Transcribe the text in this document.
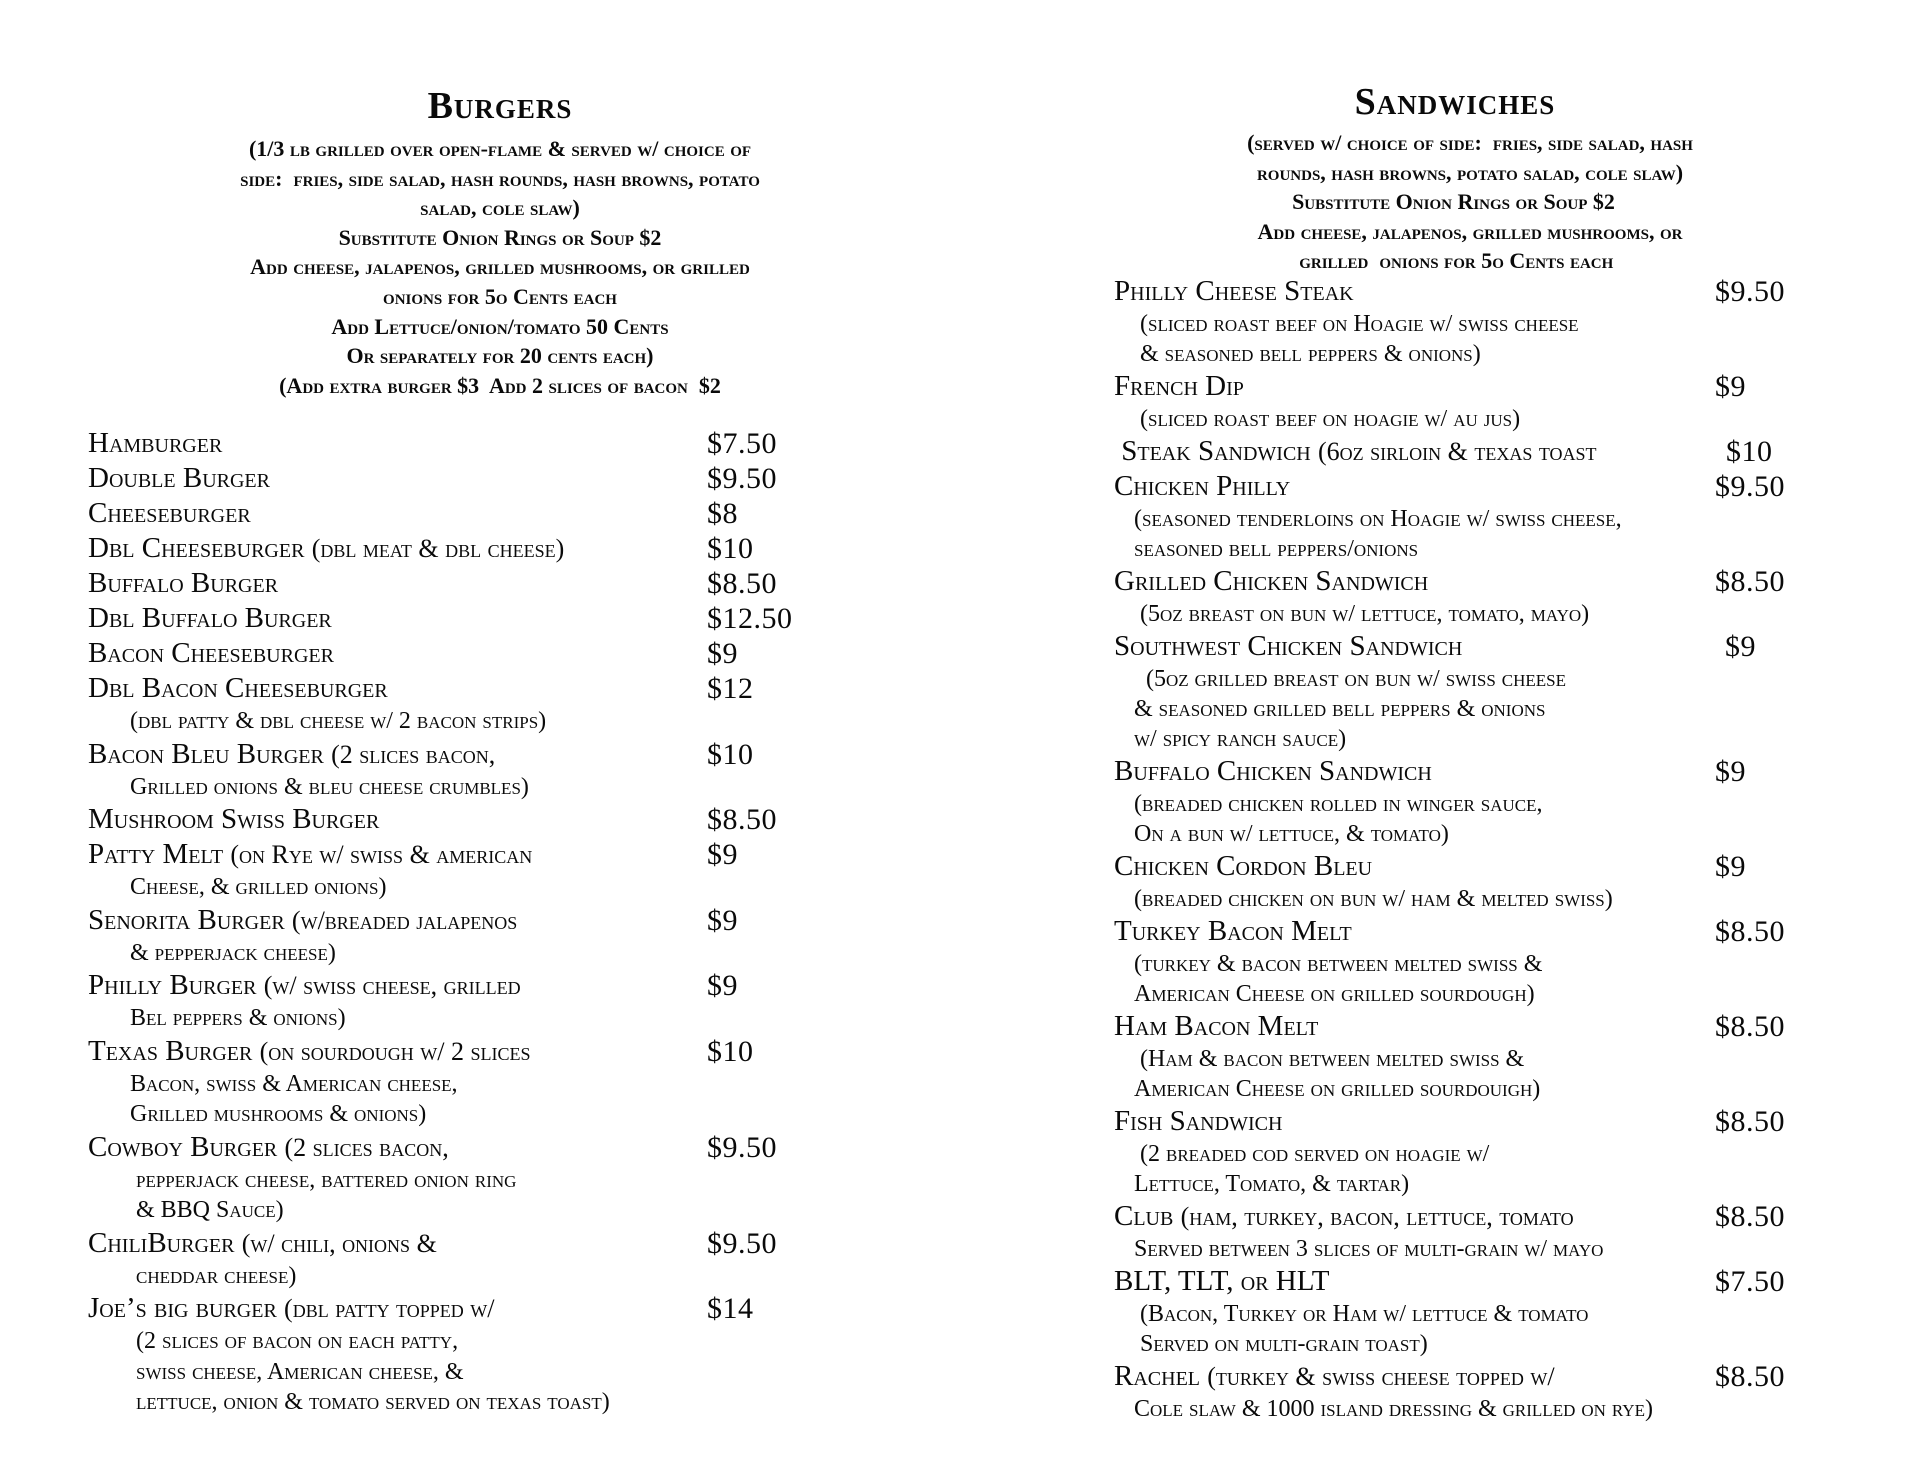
Burgers
(1/3 lb grilled over open-flame & served w/ choice of
side:  fries, side salad, hash rounds, hash browns, potato
salad, cole slaw)
Substitute Onion Rings or Soup $2
Add cheese, jalapenos, grilled mushrooms, or grilled
onions for 5o Cents each
Add Lettuce/onion/tomato 50 Cents
Or separately for 20 cents each)
(Add extra burger $3  Add 2 slices of bacon  $2
Hamburger	$7.50
Double Burger	$9.50
Cheeseburger	$8
Dbl Cheeseburger (dbl meat & dbl cheese)	$10
Buffalo Burger	$8.50
Dbl Buffalo Burger	$12.50
Bacon Cheeseburger	$9
Dbl Bacon Cheeseburger	$12
(dbl patty & dbl cheese w/ 2 bacon strips)
Bacon Bleu Burger (2 slices bacon,	$10
Grilled onions & bleu cheese crumbles)
Mushroom Swiss Burger	$8.50
Patty Melt (on Rye w/ swiss & american	$9
Cheese, & grilled onions)
Senorita Burger (w/breaded jalapenos	$9
& pepperjack cheese)
Philly Burger (w/ swiss cheese, grilled	$9
Bel peppers & onions)
Texas Burger (on sourdough w/ 2 slices	$10
Bacon, swiss & American cheese,
Grilled mushrooms & onions)
Cowboy Burger (2 slices bacon,	$9.50
pepperjack cheese, battered onion ring
& BBQ Sauce)
ChiliBurger (w/ chili, onions &	$9.50
cheddar cheese)
Joe’s big burger (dbl patty topped w/	$14
(2 slices of bacon on each patty,
swiss cheese, American cheese, &
lettuce, onion & tomato served on texas toast)
Sandwiches
(served w/ choice of side:  fries, side salad, hash
rounds, hash browns, potato salad, cole slaw)
Substitute Onion Rings or Soup $2
Add cheese, jalapenos, grilled mushrooms, or
grilled  onions for 5o Cents each
Philly Cheese Steak	$9.50
(sliced roast beef on Hoagie w/ swiss cheese
& seasoned bell peppers & onions)
French Dip	$9
(sliced roast beef on hoagie w/ au jus)
Steak Sandwich (6oz sirloin & texas toast	$10
Chicken Philly	$9.50
(seasoned tenderloins on Hoagie w/ swiss cheese,
seasoned bell peppers/onions
Grilled Chicken Sandwich	$8.50
(5oz breast on bun w/ lettuce, tomato, mayo)
Southwest Chicken Sandwich	$9
(5oz grilled breast on bun w/ swiss cheese
& seasoned grilled bell peppers & onions
w/ spicy ranch sauce)
Buffalo Chicken Sandwich	$9
(breaded chicken rolled in winger sauce,
On a bun w/ lettuce, & tomato)
Chicken Cordon Bleu	$9
(breaded chicken on bun w/ ham & melted swiss)
Turkey Bacon Melt	$8.50
(turkey & bacon between melted swiss &
American Cheese on grilled sourdough)
Ham Bacon Melt	$8.50
(Ham & bacon between melted swiss &
American Cheese on grilled sourdouigh)
Fish Sandwich	$8.50
(2 breaded cod served on hoagie w/
Lettuce, Tomato, & tartar)
Club (ham, turkey, bacon, lettuce, tomato	$8.50
Served between 3 slices of multi-grain w/ mayo
BLT, TLT, or HLT	$7.50
(Bacon, Turkey or Ham w/ lettuce & tomato
Served on multi-grain toast)
Rachel (turkey & swiss cheese topped w/	$8.50
Cole slaw & 1000 island dressing & grilled on rye)
